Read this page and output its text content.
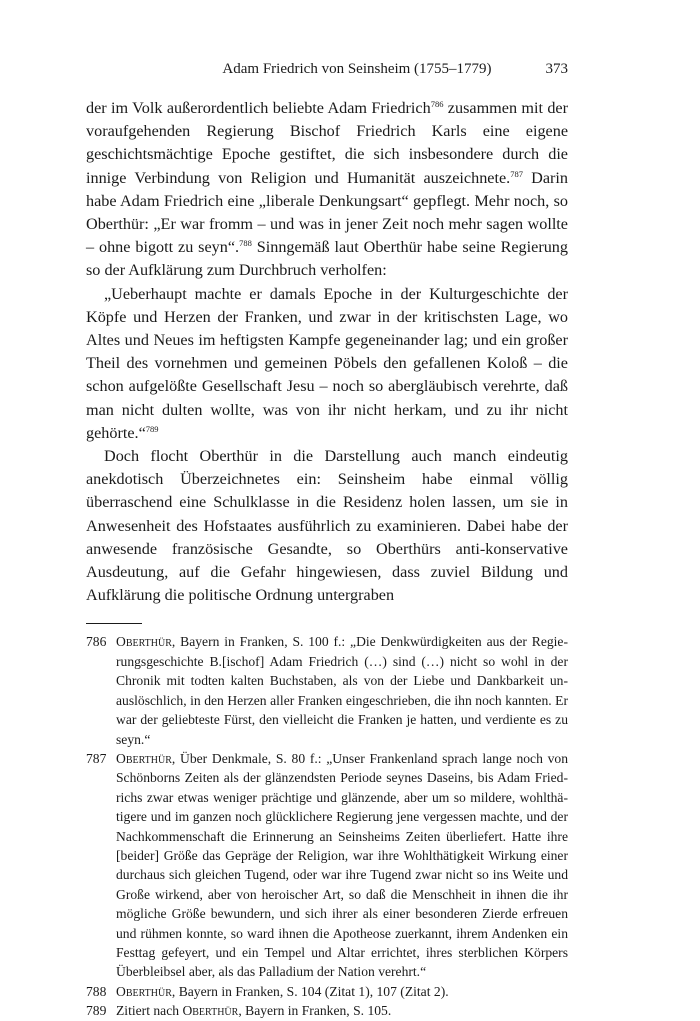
Adam Friedrich von Seinsheim (1755–1779)	373

der im Volk außerordentlich beliebte Adam Friedrich$^{786}$ zusammen mit der voraufgehenden Regierung Bischof Friedrich Karls eine eigene geschichtsmächtige Epoche gestiftet, die sich insbesondere durch die innige Verbindung von Religion und Humanität auszeichnete.$^{787}$ Darin habe Adam Friedrich eine „liberale Denkungsart“ gepflegt. Mehr noch, so Oberthür: „Er war fromm – und was in jener Zeit noch mehr sagen wollte – ohne bigott zu seyn“.$^{788}$ Sinngemäß laut Oberthür habe seine Regierung so der Aufklärung zum Durchbruch verholfen:

„Ueberhaupt machte er damals Epoche in der Kulturgeschichte der Köpfe und Herzen der Franken, und zwar in der kritischsten Lage, wo Altes und Neues im heftigsten Kampfe gegeneinander lag; und ein großer Theil des vornehmen und gemeinen Pöbels den gefallenen Koloß – die schon aufgelößte Gesellschaft Jesu – noch so abergläubisch verehrte, daß man nicht dulten wollte, was von ihr nicht herkam, und zu ihr nicht gehörte.“$^{789}$

Doch flocht Oberthür in die Darstellung auch manch eindeutig anekdotisch Überzeichnetes ein: Seinsheim habe einmal völlig überraschend eine Schulklasse in die Residenz holen lassen, um sie in Anwesenheit des Hofstaates ausführlich zu examinieren. Dabei habe der anwesende französische Gesandte, so Oberthürs anti-konservative Ausdeutung, auf die Gefahr hingewiesen, dass zuviel Bildung und Aufklärung die politische Ordnung untergraben

786 Oberthür, Bayern in Franken, S. 100 f.: „Die Denkwürdigkeiten aus der Regierungsgeschichte B.[ischof] Adam Friedrich (…) sind (…) nicht so wohl in der Chronik mit todten kalten Buchstaben, als von der Liebe und Dankbarkeit unauslöschlich, in den Herzen aller Franken eingeschrieben, die ihn noch kannten. Er war der geliebteste Fürst, den vielleicht die Franken je hatten, und verdiente es zu seyn.“
787 Oberthür, Über Denkmale, S. 80 f.: „Unser Frankenland sprach lange noch von Schönborns Zeiten als der glänzendsten Periode seynes Daseins, bis Adam Friedrichs zwar etwas weniger prächtige und glänzende, aber um so mildere, wohlthätigere und im ganzen noch glücklichere Regierung jene vergessen machte, und der Nachkommenschaft die Erinnerung an Seinsheims Zeiten überliefert. Hatte ihre [beider] Größe das Gepräge der Religion, war ihre Wohlthätigkeit Wirkung einer durchaus sich gleichen Tugend, oder war ihre Tugend zwar nicht so ins Weite und Große wirkend, aber von heroischer Art, so daß die Menschheit in ihnen die ihr mögliche Größe bewundern, und sich ihrer als einer besonderen Zierde erfreuen und rühmen konnte, so ward ihnen die Apotheose zuerkannt, ihrem Andenken ein Festtag gefeyert, und ein Tempel und Altar errichtet, ihres sterblichen Körpers Überbleibsel aber, als das Palladium der Nation verehrt.“
788 Oberthür, Bayern in Franken, S. 104 (Zitat 1), 107 (Zitat 2).
789 Zitiert nach Oberthür, Bayern in Franken, S. 105.
